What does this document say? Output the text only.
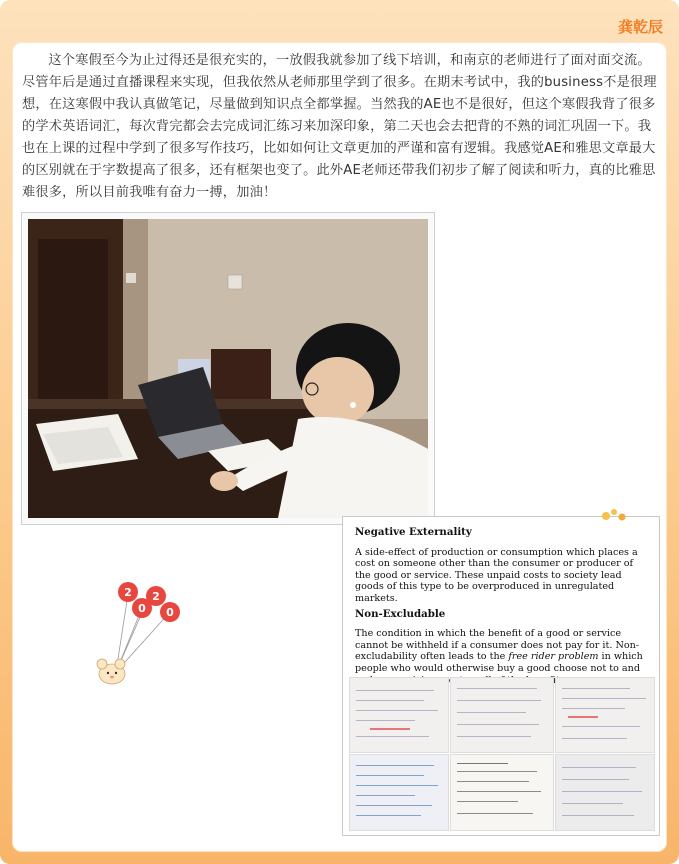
龚乾辰

这个寒假至今为止过得还是很充实的，一放假我就参加了线下培训，和南京的老师进行了面对面交流。尽管年后是通过直播课程来实现，但我依然从老师那里学到了很多。在期末考试中，我的business不是很理想，在这寒假中我认真做笔记，尽量做到知识点全都掌握。当然我的AE也不是很好，但这个寒假我背了很多的学术英语词汇，每次背完都会去完成词汇练习来加深印象，第二天也会去把背的不熟的词汇巩固一下。我也在上课的过程中学到了很多写作技巧，比如如何让文章更加的严谨和富有逻辑。我感觉AE和雅思文章最大的区别就在于字数提高了很多，还有框架也变了。此外AE老师还带我们初步了解了阅读和听力，真的比雅思难很多，所以目前我唯有奋力一搏，加油！

Negative Externality

A side-effect of production or consumption which places a cost on someone other than the consumer or producer of the good or service. These unpaid costs to society lead goods of this type to be overproduced in unregulated markets.

Non-Excludable

The condition in which the benefit of a good or service cannot be withheld if a consumer does not pay for it. Non-excludability often leads to the free rider problem in which people who would otherwise buy a good choose not to and

2
0
2
0
